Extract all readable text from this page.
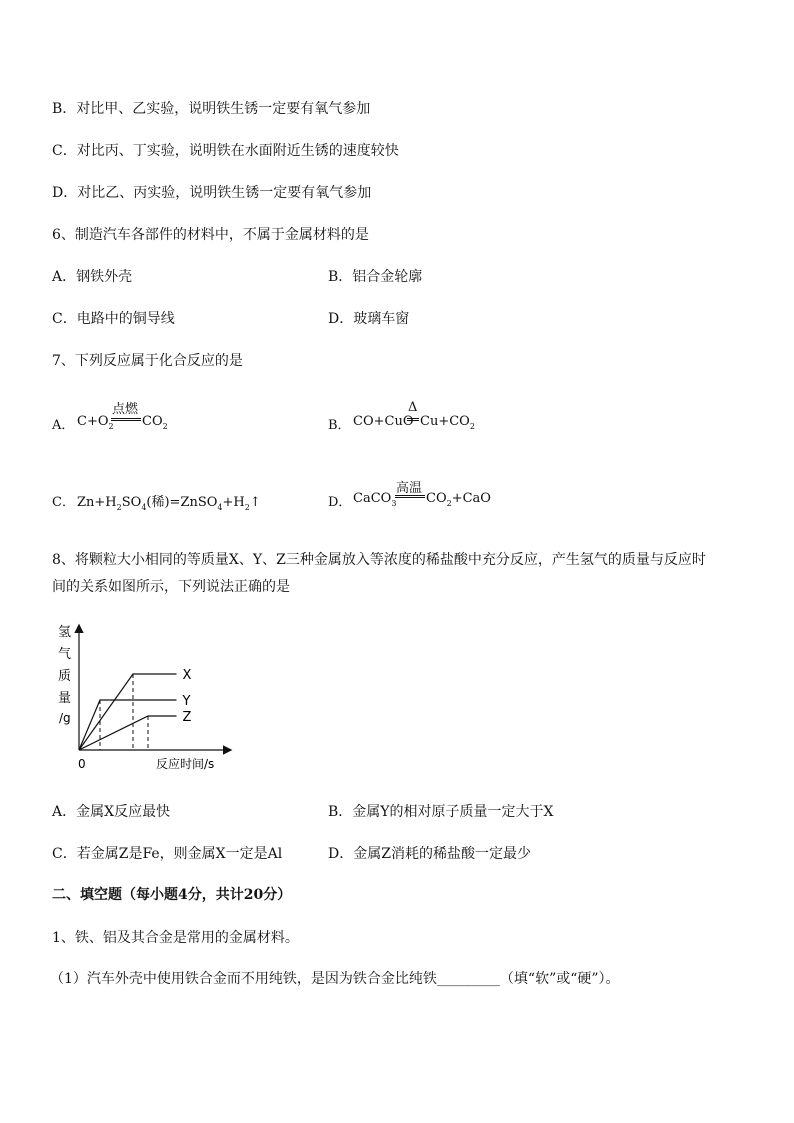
B．对比甲、乙实验，说明铁生锈一定要有氧气参加
C．对比丙、丁实验，说明铁在水面附近生锈的速度较快
D．对比乙、丙实验，说明铁生锈一定要有氧气参加
6、制造汽车各部件的材料中，不属于金属材料的是
A．钢铁外壳	B．铝合金轮廓
C．电路中的铜导线	D．玻璃车窗
7、下列反应属于化合反应的是
A． $C+O_2$
点燃
$CO_2$	B． CO+CuO
Δ
$Cu+CO_2$
C． $Zn+H_2SO_4$(稀)$=ZnSO_4+H_2↑$	D． CaCO$_3$
高温
$CO_2+CaO$
8、将颗粒大小相同的等质量X、Y、Z三种金属放入等浓度的稀盐酸中充分反应，产生氢气的质量与反应时
间的关系如图所示，下列说法正确的是
氢
气
质
量
/g
0	反应时间/s
X
Y
Z
A．金属X反应最快	B．金属Y的相对原子质量一定大于X
C．若金属Z是Fe，则金属X一定是Al	D．金属Z消耗的稀盐酸一定最少
二、填空题（每小题4分，共计20分）
1、铁、铝及其合金是常用的金属材料。
（1）汽车外壳中使用铁合金而不用纯铁，是因为铁合金比纯铁_________（填“软”或“硬”）。
